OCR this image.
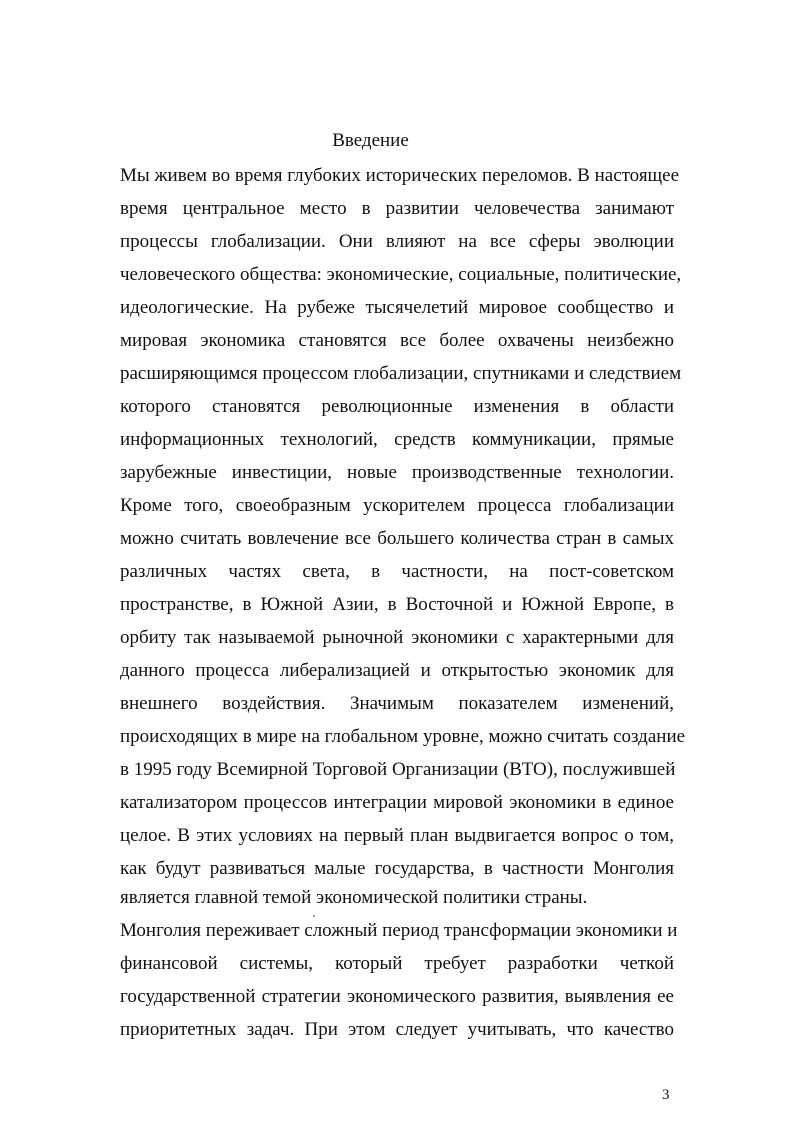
Введение
Мы живем во время глубоких исторических переломов. В настоящее
время центральное место в развитии человечества занимают
процессы глобализации. Они влияют на все сферы эволюции
человеческого общества: экономические, социальные, политические,
идеологические. На рубеже тысячелетий мировое сообщество и
мировая экономика становятся все более охвачены неизбежно
расширяющимся процессом глобализации, спутниками и следствием
которого становятся революционные изменения в области
информационных технологий, средств коммуникации, прямые
зарубежные инвестиции, новые производственные технологии.
Кроме того, своеобразным ускорителем процесса глобализации
можно считать вовлечение все большего количества стран в самых
различных частях света, в частности, на пост-советском
пространстве, в Южной Азии, в Восточной и Южной Европе, в
орбиту так называемой рыночной экономики с характерными для
данного процесса либерализацией и открытостью экономик для
внешнего воздействия. Значимым показателем изменений,
происходящих в мире на глобальном уровне, можно считать создание
в 1995 году Всемирной Торговой Организации (ВТО), послужившей
катализатором процессов интеграции мировой экономики в единое
целое. В этих условиях на первый план выдвигается вопрос о том,
как будут развиваться малые государства, в частности Монголия
является главной темой экономической политики страны.
Монголия переживает сложный период трансформации экономики и
финансовой системы, который требует разработки четкой
государственной стратегии экономического развития, выявления ее
приоритетных задач. При этом следует учитывать, что качество
3
